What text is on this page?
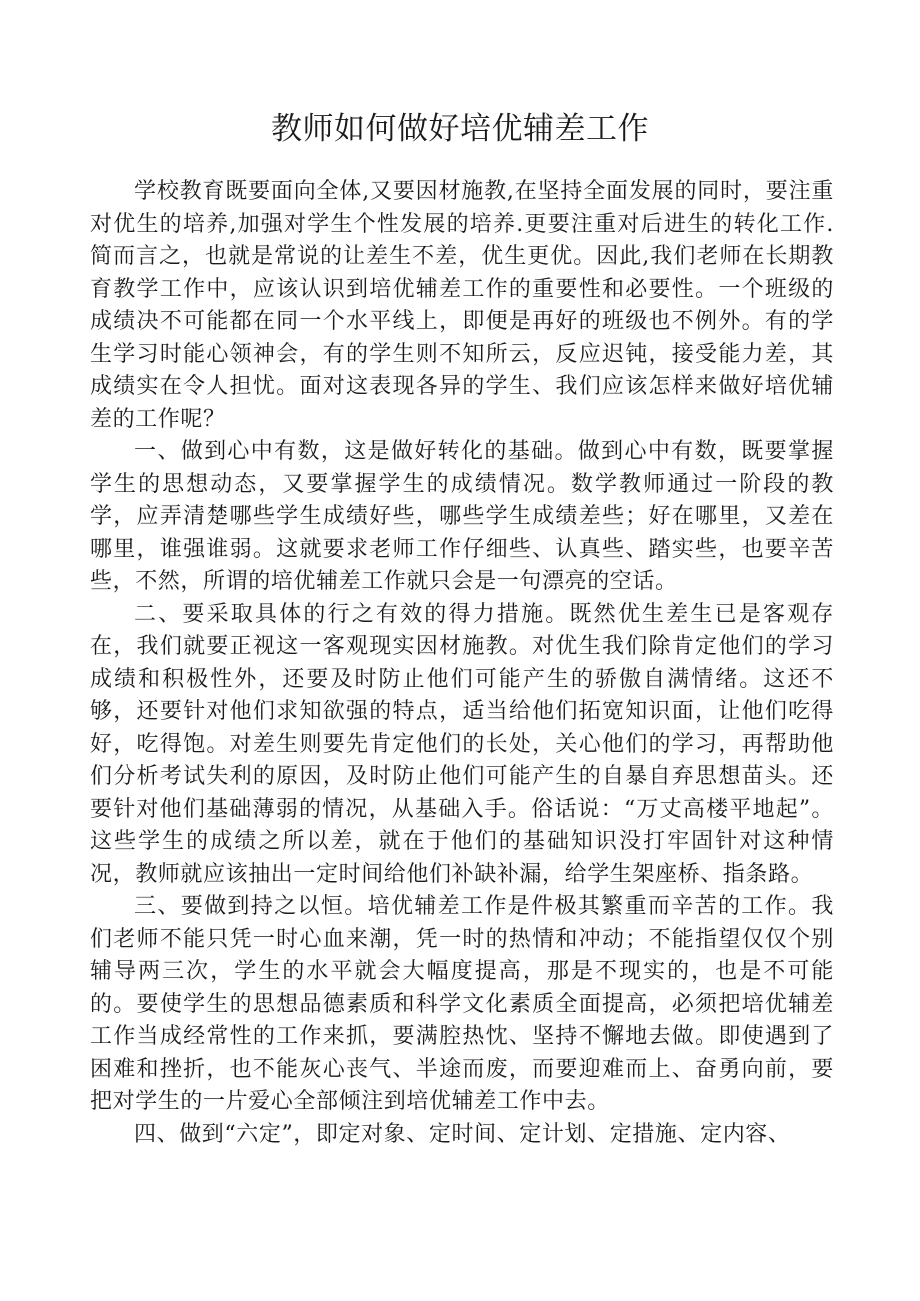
教师如何做好培优辅差工作

学校教育既要面向全体,又要因材施教,在坚持全面发展的同时，要注重对优生的培养,加强对学生个性发展的培养.更要注重对后进生的转化工作.简而言之，也就是常说的让差生不差，优生更优。因此,我们老师在长期教育教学工作中，应该认识到培优辅差工作的重要性和必要性。一个班级的成绩决不可能都在同一个水平线上，即便是再好的班级也不例外。有的学生学习时能心领神会，有的学生则不知所云，反应迟钝，接受能力差，其成绩实在令人担忧。面对这表现各异的学生、我们应该怎样来做好培优辅差的工作呢？

一、做到心中有数，这是做好转化的基础。做到心中有数，既要掌握学生的思想动态，又要掌握学生的成绩情况。数学教师通过一阶段的教学，应弄清楚哪些学生成绩好些，哪些学生成绩差些；好在哪里，又差在哪里，谁强谁弱。这就要求老师工作仔细些、认真些、踏实些，也要辛苦些，不然，所谓的培优辅差工作就只会是一句漂亮的空话。

二、要采取具体的行之有效的得力措施。既然优生差生已是客观存在，我们就要正视这一客观现实因材施教。对优生我们除肯定他们的学习成绩和积极性外，还要及时防止他们可能产生的骄傲自满情绪。这还不够，还要针对他们求知欲强的特点，适当给他们拓宽知识面，让他们吃得好，吃得饱。对差生则要先肯定他们的长处，关心他们的学习，再帮助他们分析考试失利的原因，及时防止他们可能产生的自暴自弃思想苗头。还要针对他们基础薄弱的情况，从基础入手。俗话说：“万丈高楼平地起”。这些学生的成绩之所以差，就在于他们的基础知识没打牢固针对这种情况，教师就应该抽出一定时间给他们补缺补漏，给学生架座桥、指条路。

三、要做到持之以恒。培优辅差工作是件极其繁重而辛苦的工作。我们老师不能只凭一时心血来潮，凭一时的热情和冲动；不能指望仅仅个别辅导两三次，学生的水平就会大幅度提高，那是不现实的，也是不可能的。要使学生的思想品德素质和科学文化素质全面提高，必须把培优辅差工作当成经常性的工作来抓，要满腔热忱、坚持不懈地去做。即使遇到了困难和挫折，也不能灰心丧气、半途而废，而要迎难而上、奋勇向前，要把对学生的一片爱心全部倾注到培优辅差工作中去。

四、做到“六定”，即定对象、定时间、定计划、定措施、定内容、
